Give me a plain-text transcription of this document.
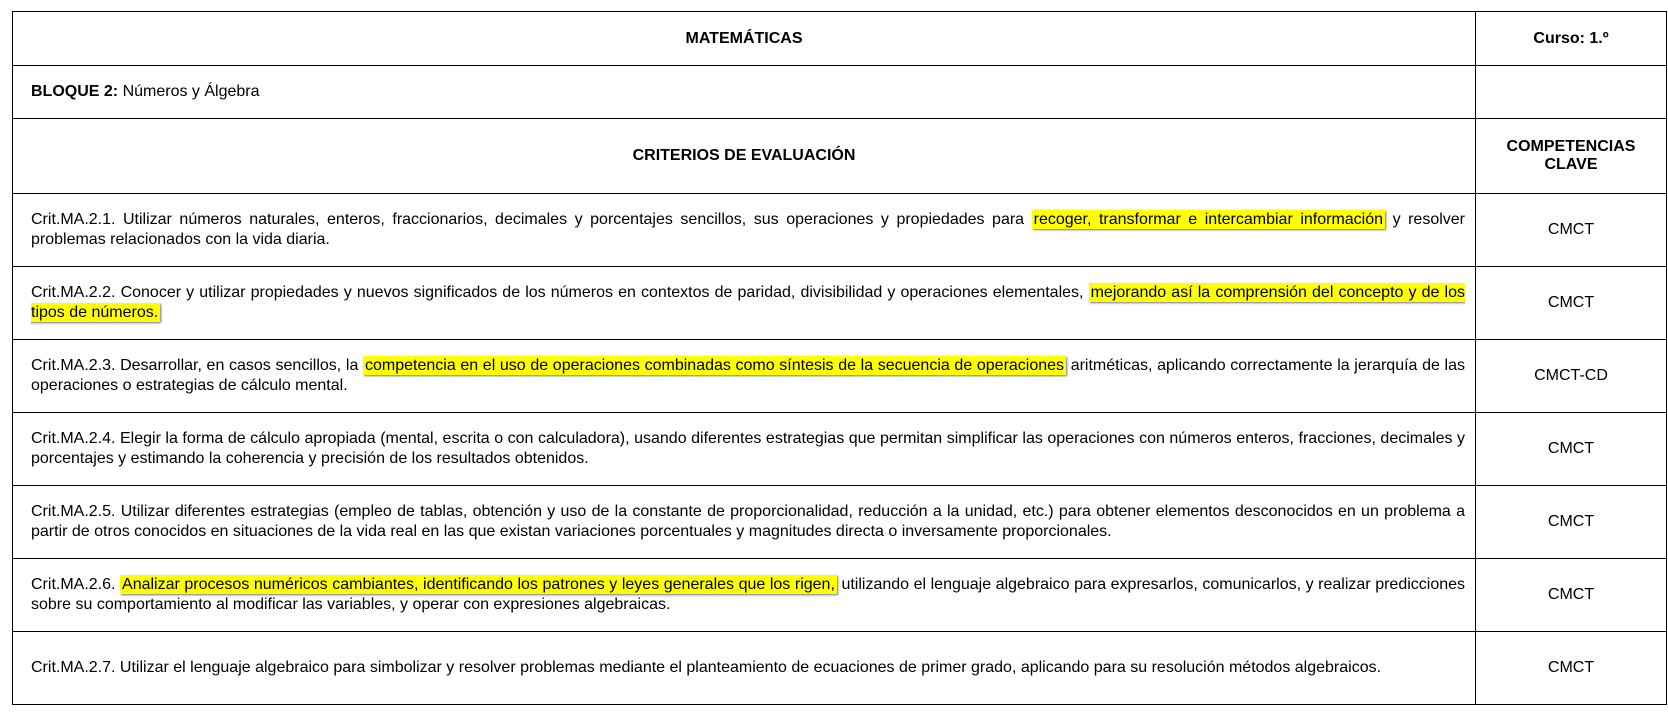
MATEMÁTICAS	Curso: 1.º
BLOQUE 2: Números y Álgebra	
CRITERIOS DE EVALUACIÓN	COMPETENCIAS CLAVE
Crit.MA.2.1. Utilizar números naturales, enteros, fraccionarios, decimales y porcentajes sencillos, sus operaciones y propiedades para recoger, transformar e intercambiar información y resolver problemas relacionados con la vida diaria.	CMCT
Crit.MA.2.2. Conocer y utilizar propiedades y nuevos significados de los números en contextos de paridad, divisibilidad y operaciones elementales, mejorando así la comprensión del concepto y de los tipos de números.	CMCT
Crit.MA.2.3. Desarrollar, en casos sencillos, la competencia en el uso de operaciones combinadas como síntesis de la secuencia de operaciones aritméticas, aplicando correctamente la jerarquía de las operaciones o estrategias de cálculo mental.	CMCT-CD
Crit.MA.2.4. Elegir la forma de cálculo apropiada (mental, escrita o con calculadora), usando diferentes estrategias que permitan simplificar las operaciones con números enteros, fracciones, decimales y porcentajes y estimando la coherencia y precisión de los resultados obtenidos.	CMCT
Crit.MA.2.5. Utilizar diferentes estrategias (empleo de tablas, obtención y uso de la constante de proporcionalidad, reducción a la unidad, etc.) para obtener elementos desconocidos en un problema a partir de otros conocidos en situaciones de la vida real en las que existan variaciones porcentuales y magnitudes directa o inversamente proporcionales.	CMCT
Crit.MA.2.6. Analizar procesos numéricos cambiantes, identificando los patrones y leyes generales que los rigen, utilizando el lenguaje algebraico para expresarlos, comunicarlos, y realizar predicciones sobre su comportamiento al modificar las variables, y operar con expresiones algebraicas.	CMCT
Crit.MA.2.7. Utilizar el lenguaje algebraico para simbolizar y resolver problemas mediante el planteamiento de ecuaciones de primer grado, aplicando para su resolución métodos algebraicos.	CMCT
